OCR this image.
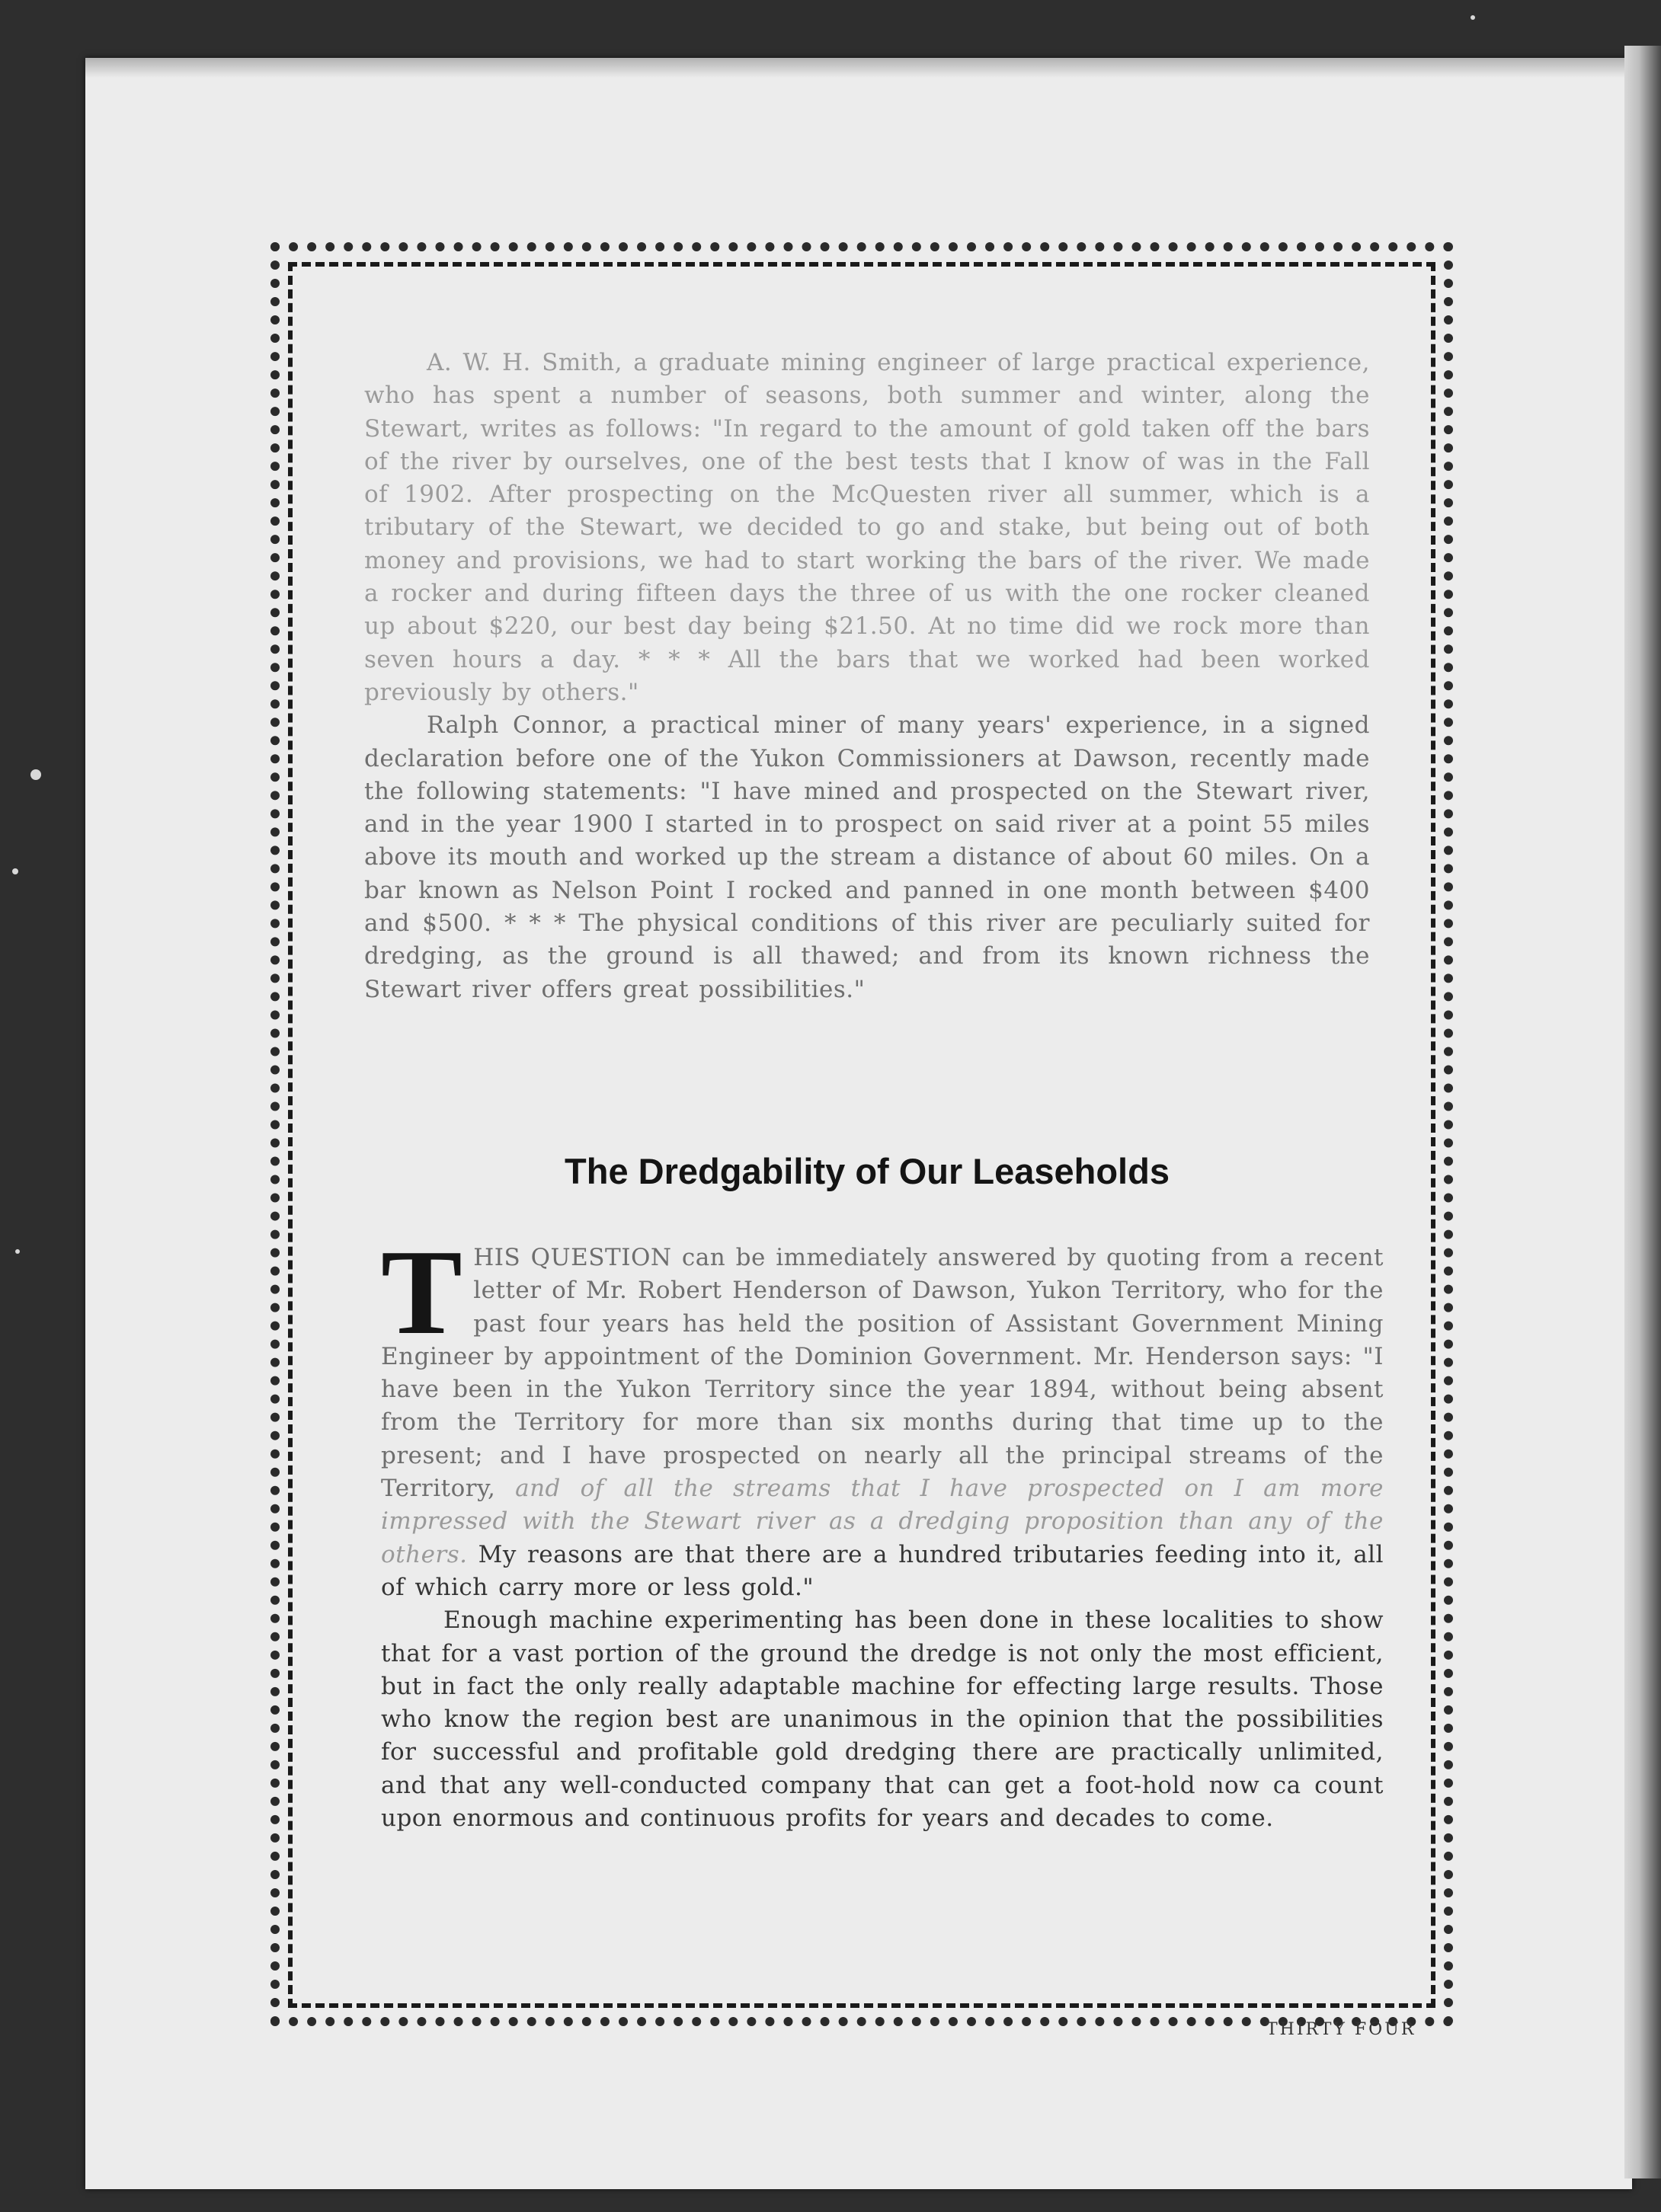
A. W. H. Smith, a graduate mining engineer of large practical experience, who has spent a number of seasons, both summer and winter, along the Stewart, writes as follows: "In regard to the amount of gold taken off the bars of the river by ourselves, one of the best tests that I know of was in the Fall of 1902. After prospecting on the McQuesten river all summer, which is a tributary of the Stewart, we decided to go and stake, but being out of both money and provisions, we had to start working the bars of the river. We made a rocker and during fifteen days the three of us with the one rocker cleaned up about $220, our best day being $21.50. At no time did we rock more than seven hours a day. * * * All the bars that we worked had been worked previously by others."

Ralph Connor, a practical miner of many years' experience, in a signed declaration before one of the Yukon Commissioners at Dawson, recently made the following statements: "I have mined and prospected on the Stewart river, and in the year 1900 I started in to prospect on said river at a point 55 miles above its mouth and worked up the stream a distance of about 60 miles. On a bar known as Nelson Point I rocked and panned in one month between $400 and $500. * * * The physical conditions of this river are peculiarly suited for dredging, as the ground is all thawed; and from its known richness the Stewart river offers great possibilities."

The Dredgability of Our Leaseholds

THIS QUESTION can be immediately answered by quoting from a recent letter of Mr. Robert Henderson of Dawson, Yukon Territory, who for the past four years has held the position of Assistant Government Mining Engineer by appointment of the Dominion Government. Mr. Henderson says: "I have been in the Yukon Territory since the year 1894, without being absent from the Territory for more than six months during that time up to the present; and I have prospected on nearly all the principal streams of the Territory, and of all the streams that I have prospected on I am more impressed with the Stewart river as a dredging proposition than any of the others. My reasons are that there are a hundred tributaries feeding into it, all of which carry more or less gold."

Enough machine experimenting has been done in these localities to show that for a vast portion of the ground the dredge is not only the most efficient, but in fact the only really adaptable machine for effecting large results. Those who know the region best are unanimous in the opinion that the possibilities for successful and profitable gold dredging there are practically unlimited, and that any well-conducted company that can get a foot-hold now ca count upon enormous and continuous profits for years and decades to come.

THIRTY FOUR
